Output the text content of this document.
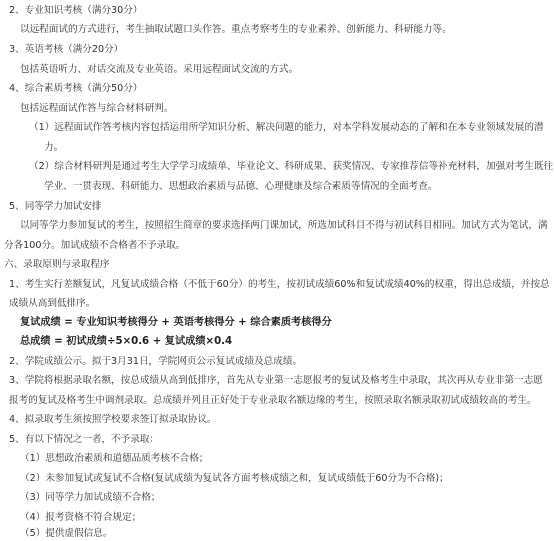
2、专业知识考核（满分30分）
以远程面试的方式进行，考生抽取试题口头作答。重点考察考生的专业素养、创新能力、科研能力等。
3、英语考核（满分20分）
包括英语听力、对话交流及专业英语。采用远程面试交流的方式。
4、综合素质考核（满分50分）
包括远程面试作答与综合材料研判。
（1）远程面试作答考核内容包括运用所学知识分析、解决问题的能力，对本学科发展动态的了解和在本专业领域发展的潜
力。
（2）综合材料研判是通过考生大学学习成绩单、毕业论文、科研成果、获奖情况、专家推荐信等补充材料，加强对考生既往
学业、一贯表现、科研能力、思想政治素质与品德、心理健康及综合素质等情况的全面考查。
5、同等学力加试安排
以同等学力参加复试的考生，按照招生简章的要求选择两门课加试，所选加试科目不得与初试科目相同。加试方式为笔试，满
分各100分。加试成绩不合格者不予录取。
六、录取原则与录取程序
1、考生实行差额复试，凡复试成绩合格（不低于60分）的考生，按初试成绩60%和复试成绩40%的权重，得出总成绩，并按总
成绩从高到低排序。
复试成绩 = 专业知识考核得分 + 英语考核得分 + 综合素质考核得分
总成绩 = 初试成绩÷5×0.6 + 复试成绩×0.4
2、学院成绩公示。拟于3月31日，学院网页公示复试成绩及总成绩。
3、学院将根据录取名额，按总成绩从高到低排序，首先从专业第一志愿报考的复试及格考生中录取，其次再从专业非第一志愿
报考的复试及格考生中调剂录取。总成绩并列且正好处于专业录取名额边缘的考生，按照录取名额录取初试成绩较高的考生。
4、拟录取考生须按照学校要求签订拟录取协议。
5、有以下情况之一者，不予录取：
（1）思想政治素质和道德品质考核不合格；
（2）未参加复试或复试不合格(复试成绩为复试各方面考核成绩之和，复试成绩低于60分为不合格)；
（3）同等学力加试成绩不合格；
（4）报考资格不符合规定；
（5）提供虚假信息。
